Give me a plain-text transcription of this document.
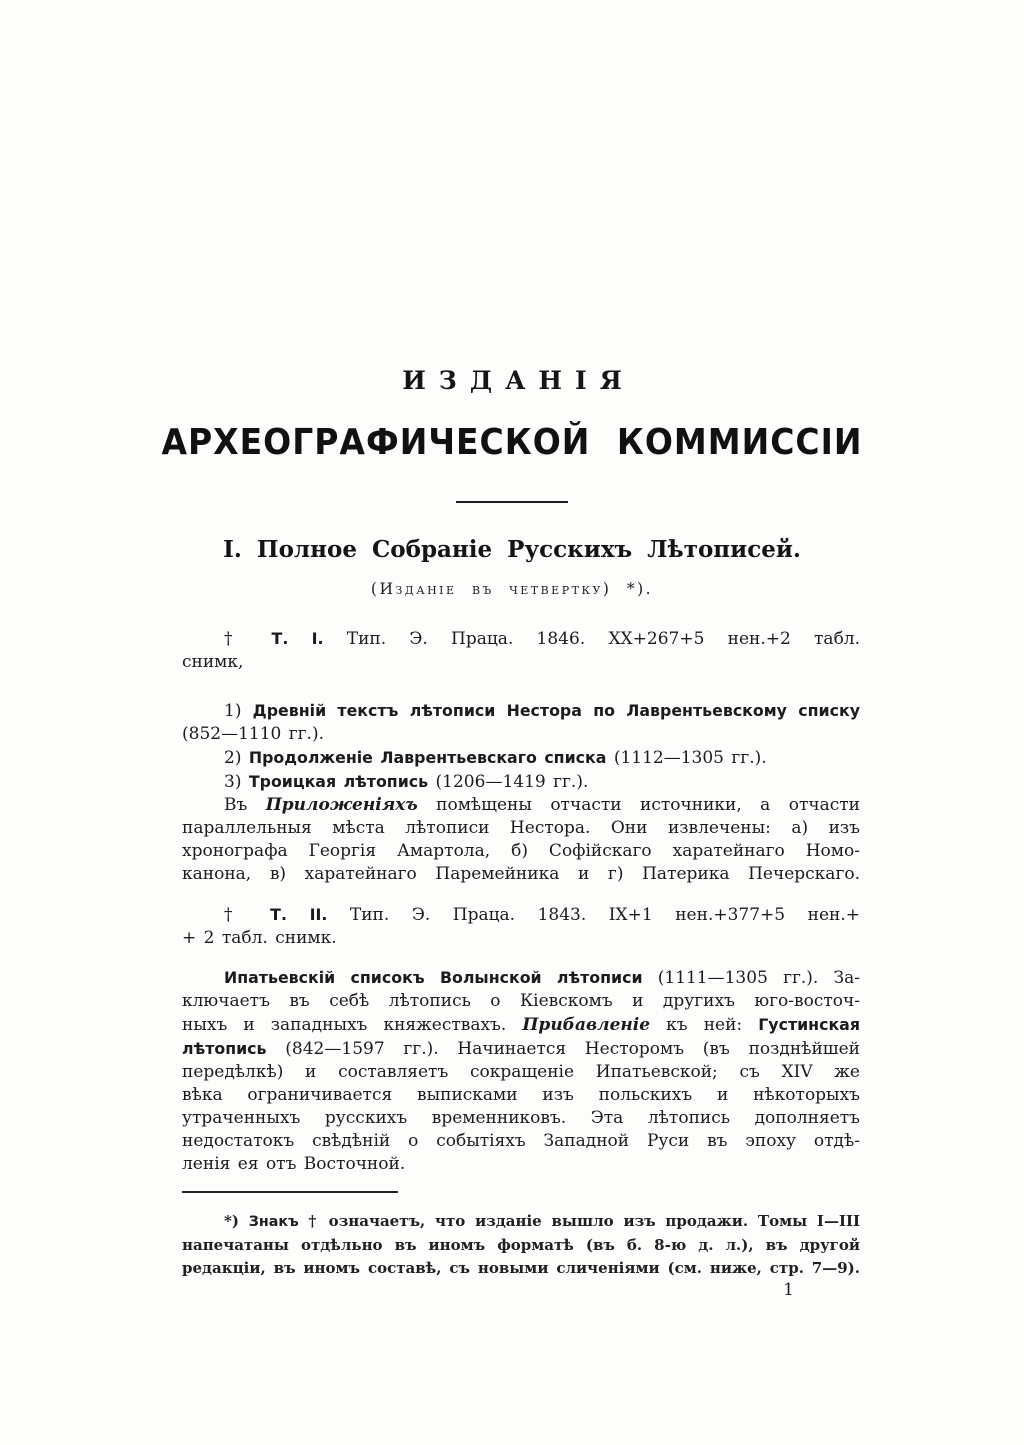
ИЗДАНІЯ
АРХЕОГРАФИЧЕСКОЙ КОММИССІИ
I. Полное Собраніе Русскихъ Лѣтописей.
(Изданіе въ четвертку) *).
† Т. I. Тип. Э. Праца. 1846. XX+267+5 нен.+2 табл.
снимк,
1) Древній текстъ лѣтописи Нестора по Лаврентьевскому списку
(852—1110 гг.).
2) Продолженіе Лаврентьевскаго списка (1112—1305 гг.).
3) Троицкая лѣтопись (1206—1419 гг.).
Въ Приложеніяхъ помѣщены отчасти источники, а отчасти
параллельныя мѣста лѣтописи Нестора. Они извлечены: а) изъ
хронографа Георгія Амартола, б) Софійскаго харатейнаго Номо-
канона, в) харатейнаго Паремейника и г) Патерика Печерскаго.
† Т. II. Тип. Э. Праца. 1843. IX+1 нен.+377+5 нен.+
+ 2 табл. снимк.
Ипатьевскій списокъ Волынской лѣтописи (1111—1305 гг.). За-
ключаетъ въ себѣ лѣтопись о Кіевскомъ и другихъ юго-восточ-
ныхъ и западныхъ княжествахъ. Прибавленіе къ ней: Густинская
лѣтопись (842—1597 гг.). Начинается Несторомъ (въ позднѣйшей
передѣлкѣ) и составляетъ сокращеніе Ипатьевской; съ XIV же
вѣка ограничивается выписками изъ польскихъ и нѣкоторыхъ
утраченныхъ русскихъ временниковъ. Эта лѣтопись дополняетъ
недостатокъ свѣдѣній о событіяхъ Западной Руси въ эпоху отдѣ-
ленія ея отъ Восточной.
*) Знакъ † означаетъ, что изданіе вышло изъ продажи. Томы I—III
напечатаны отдѣльно въ иномъ форматѣ (въ б. 8-ю д. л.), въ другой
редакціи, въ иномъ составѣ, съ новыми сличеніями (см. ниже, стр. 7—9).
1
